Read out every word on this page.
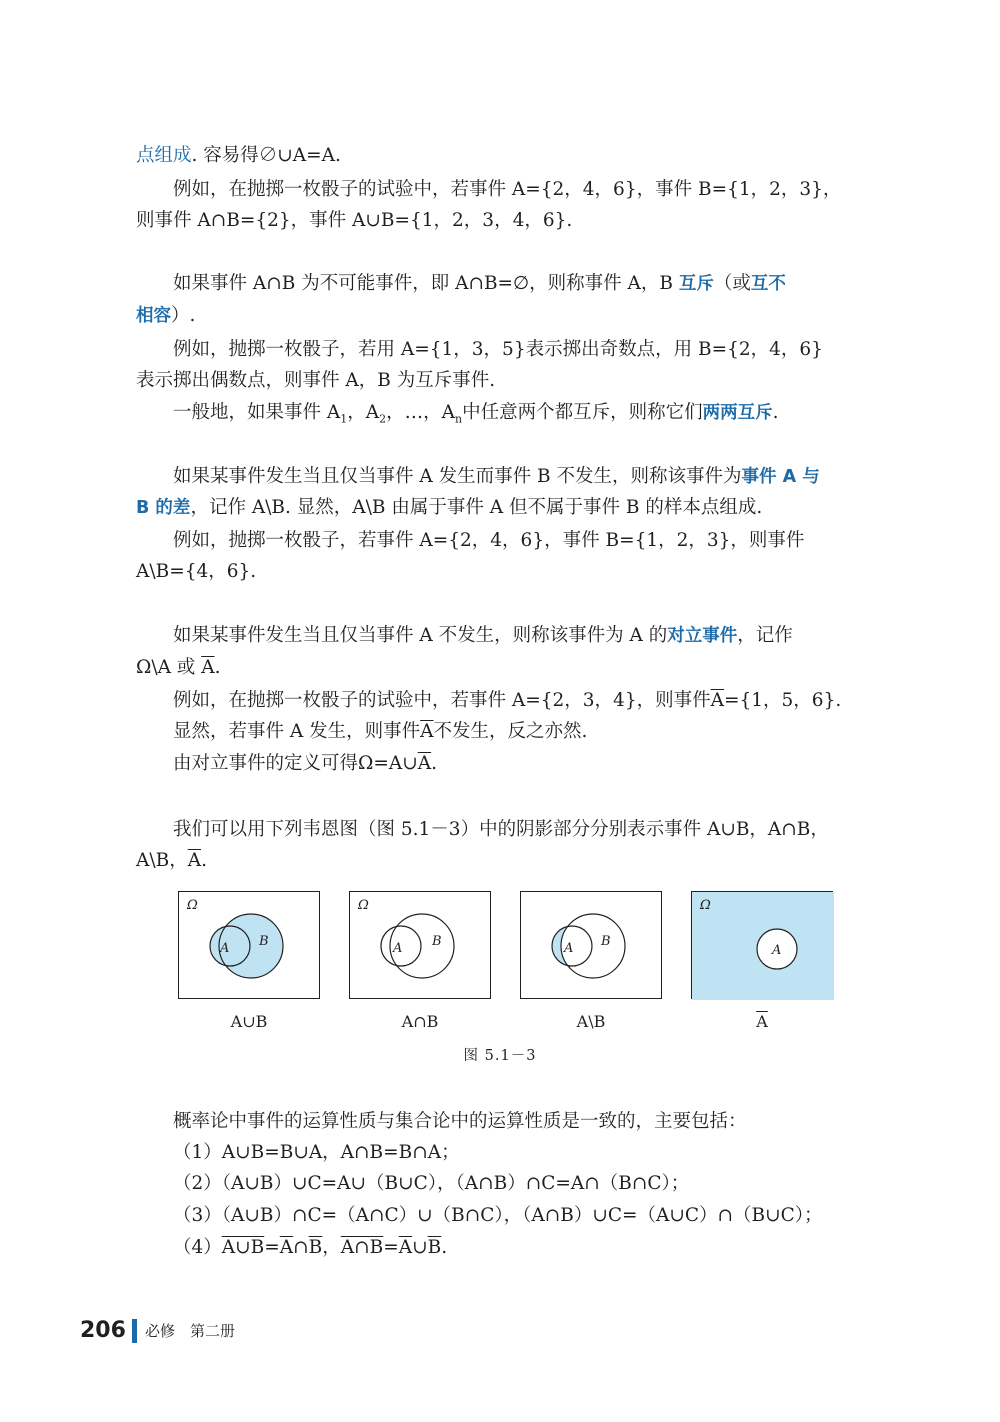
点组成. 容易得∅∪A=A.
例如，在抛掷一枚骰子的试验中，若事件 A={2，4，6}，事件 B={1，2，3}，
则事件 A∩B={2}，事件 A∪B={1，2，3，4，6}.
如果事件 A∩B 为不可能事件，即 A∩B=∅，则称事件 A，B 互斥（或互不
相容）.
例如，抛掷一枚骰子，若用 A={1，3，5}表示掷出奇数点，用 B={2，4，6}
表示掷出偶数点，则事件 A，B 为互斥事件.
一般地，如果事件 $A_1$，$A_2$，…，$A_n$中任意两个都互斥，则称它们两两互斥.
如果某事件发生当且仅当事件 A 发生而事件 B 不发生，则称该事件为事件 A 与
B 的差，记作 A\B. 显然，A\B 由属于事件 A 但不属于事件 B 的样本点组成.
例如，抛掷一枚骰子，若事件 A={2，4，6}，事件 B={1，2，3}，则事件
A\B={4，6}.
如果某事件发生当且仅当事件 A 不发生，则称该事件为 A 的对立事件，记作
Ω\A 或 $\overline{A}$.
例如，在抛掷一枚骰子的试验中，若事件 A={2，3，4}，则事件$\overline{A}=\{1$，5，6}.
显然，若事件 A 发生，则事件$\overline{A}$不发生，反之亦然.
由对立事件的定义可得$\Omega=A\cup\overline{A}$.
我们可以用下列韦恩图（图 5.1－3）中的阴影部分分别表示事件 A∪B，A∩B，
A\B，$\overline{A}$.
Ω
A B
Ω
A B	A B
Ω
A
A∪B	A∩B	A\B	$\overline{A}$
图 5.1－3
概率论中事件的运算性质与集合论中的运算性质是一致的，主要包括：
（1）A∪B=B∪A，A∩B=B∩A；
（2）（A∪B）∪C=A∪（B∪C），（A∩B）∩C=A∩（B∩C）；
（3）（A∪B）∩C=（A∩C）∪（B∩C），（A∩B）∪C=（A∪C）∩（B∪C）；
$(4)A\cup B=\overline{A}\cap\overline{B}$，$A\cap B=\overline{A}\cup\overline{B}$.
206 必修　第二册
